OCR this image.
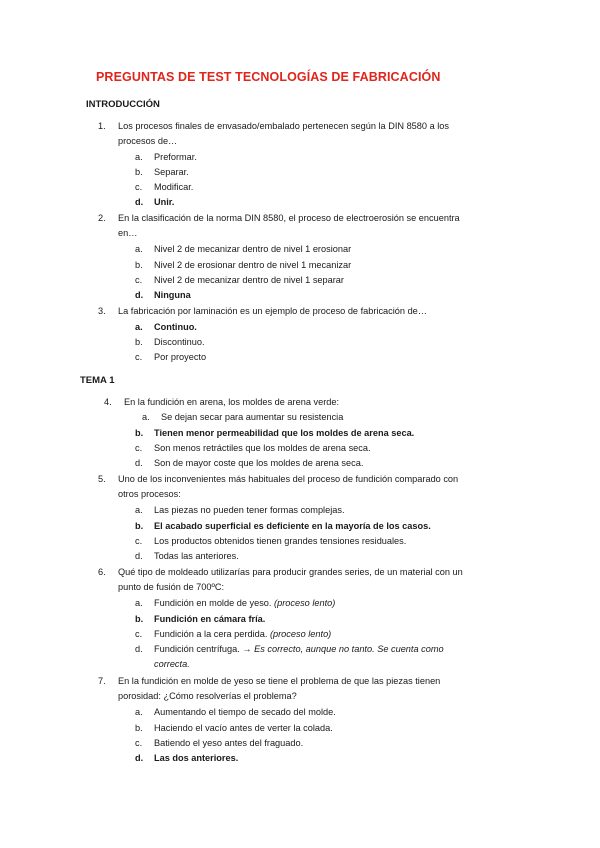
PREGUNTAS DE TEST TECNOLOGÍAS DE FABRICACIÓN
INTRODUCCIÓN
1. Los procesos finales de envasado/embalado pertenecen según la DIN 8580 a los
procesos de…
a. Preformar.
b. Separar.
c. Modificar.
d. Unir.
2. En la clasificación de la norma DIN 8580, el proceso de electroerosión se encuentra
en…
a. Nivel 2 de mecanizar dentro de nivel 1 erosionar
b. Nivel 2 de erosionar dentro de nivel 1 mecanizar
c. Nivel 2 de mecanizar dentro de nivel 1 separar
d. Ninguna
3. La fabricación por laminación es un ejemplo de proceso de fabricación de…
a. Continuo.
b. Discontinuo.
c. Por proyecto
TEMA 1
4. En la fundición en arena, los moldes de arena verde:
a. Se dejan secar para aumentar su resistencia
b. Tienen menor permeabilidad que los moldes de arena seca.
c. Son menos retráctiles que los moldes de arena seca.
d. Son de mayor coste que los moldes de arena seca.
5. Uno de los inconvenientes más habituales del proceso de fundición comparado con
otros procesos:
a. Las piezas no pueden tener formas complejas.
b. El acabado superficial es deficiente en la mayoría de los casos.
c. Los productos obtenidos tienen grandes tensiones residuales.
d. Todas las anteriores.
6. Qué tipo de moldeado utilizarías para producir grandes series, de un material con un
punto de fusión de 700ºC:
a. Fundición en molde de yeso. (proceso lento)
b. Fundición en cámara fría.
c. Fundición a la cera perdida. (proceso lento)
d. Fundición centrífuga. → Es correcto, aunque no tanto. Se cuenta como
correcta.
7. En la fundición en molde de yeso se tiene el problema de que las piezas tienen
porosidad: ¿Cómo resolverías el problema?
a. Aumentando el tiempo de secado del molde.
b. Haciendo el vacío antes de verter la colada.
c. Batiendo el yeso antes del fraguado.
d. Las dos anteriores.
